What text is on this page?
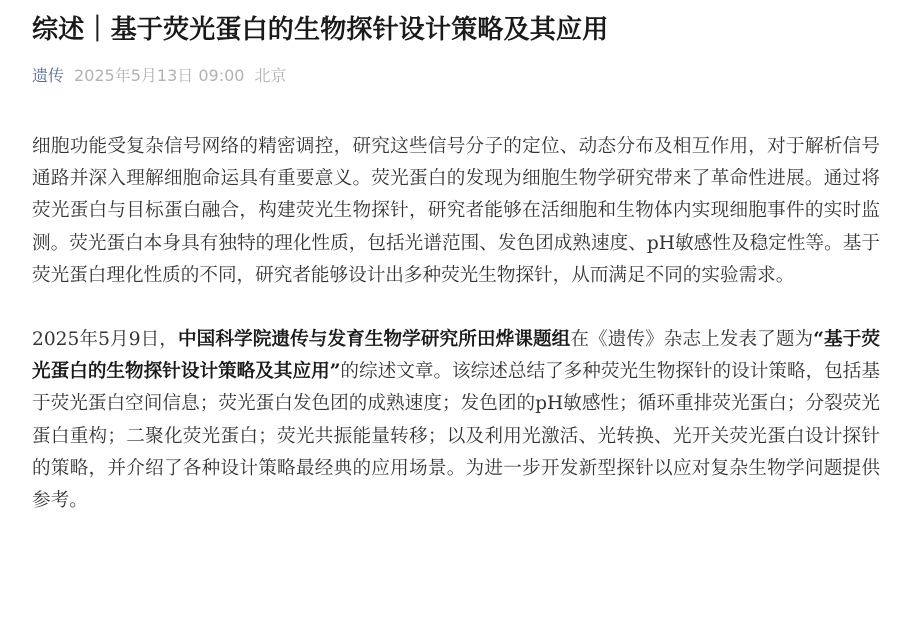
综述｜基于荧光蛋白的生物探针设计策略及其应用
遗传 2025年5月13日 09:00 北京

细胞功能受复杂信号网络的精密调控，研究这些信号分子的定位、动态分布及相互作用，对于解析信号通路并深入理解细胞命运具有重要意义。荧光蛋白的发现为细胞生物学研究带来了革命性进展。通过将荧光蛋白与目标蛋白融合，构建荧光生物探针，研究者能够在活细胞和生物体内实现细胞事件的实时监测。荧光蛋白本身具有独特的理化性质，包括光谱范围、发色团成熟速度、pH敏感性及稳定性等。基于荧光蛋白理化性质的不同，研究者能够设计出多种荧光生物探针，从而满足不同的实验需求。

2025年5月9日，中国科学院遗传与发育生物学研究所田烨课题组在《遗传》杂志上发表了题为“基于荧光蛋白的生物探针设计策略及其应用”的综述文章。该综述总结了多种荧光生物探针的设计策略，包括基于荧光蛋白空间信息；荧光蛋白发色团的成熟速度；发色团的pH敏感性；循环重排荧光蛋白；分裂荧光蛋白重构；二聚化荧光蛋白；荧光共振能量转移；以及利用光激活、光转换、光开关荧光蛋白设计探针的策略，并介绍了各种设计策略最经典的应用场景。为进一步开发新型探针以应对复杂生物学问题提供参考。
